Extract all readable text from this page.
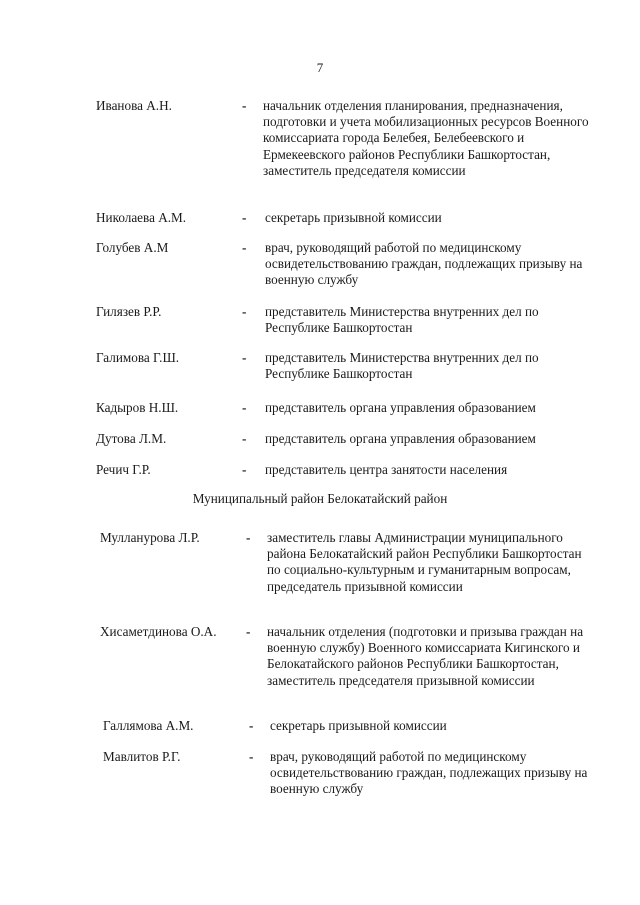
7
Иванова А.Н.	- начальник отделения планирования, предназначения, подготовки и учета мобилизационных ресурсов Военного комиссариата города Белебея, Белебеевского и Ермекеевского районов Республики Башкортостан, заместитель председателя комиссии
Николаева А.М.	- секретарь призывной комиссии
Голубев А.М	- врач, руководящий работой по медицинскому освидетельствованию граждан, подлежащих призыву на военную службу
Гилязев Р.Р.	- представитель Министерства внутренних дел по Республике Башкортостан
Галимова Г.Ш.	- представитель Министерства внутренних дел по Республике Башкортостан
Кадыров Н.Ш.	- представитель органа управления образованием
Дутова Л.М.	- представитель органа управления образованием
Речич Г.Р.	- представитель центра занятости населения
Муниципальный район Белокатайский район
Мулланурова Л.Р.	- заместитель главы Администрации муниципального района Белокатайский район Республики Башкортостан по социально-культурным и гуманитарным вопросам, председатель призывной комиссии
Хисаметдинова О.А. - начальник отделения (подготовки и призыва граждан на военную службу) Военного комиссариата Кигинского и Белокатайского районов Республики Башкортостан, заместитель председателя призывной комиссии
Галлямова А.М.	- секретарь призывной комиссии
Мавлитов Р.Г.	- врач, руководящий работой по медицинскому освидетельствованию граждан, подлежащих призыву на военную службу
